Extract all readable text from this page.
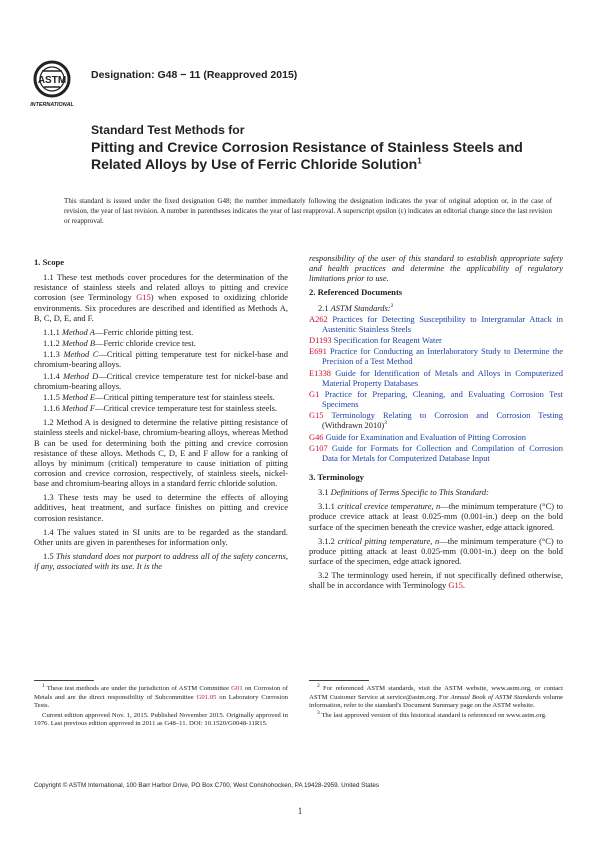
ASTM
INTERNATIONAL
Designation: G48 − 11 (Reapproved 2015)
Standard Test Methods for
Pitting and Crevice Corrosion Resistance of Stainless Steels and Related Alloys by Use of Ferric Chloride Solution$^1$
This standard is issued under the fixed designation G48; the number immediately following the designation indicates the year of original adoption or, in the case of revision, the year of last revision. A number in parentheses indicates the year of last reapproval. A superscript epsilon (ε) indicates an editorial change since the last revision or reapproval.
1. Scope

1.1 These test methods cover procedures for the determination of the resistance of stainless steels and related alloys to pitting and crevice corrosion (see Terminology G15) when exposed to oxidizing chloride environments. Six procedures are described and identified as Methods A, B, C, D, E, and F.

1.1.1 Method A—Ferric chloride pitting test.

1.1.2 Method B—Ferric chloride crevice test.

1.1.3 Method C—Critical pitting temperature test for nickel-base and chromium-bearing alloys.

1.1.4 Method D—Critical crevice temperature test for nickel-base and chromium-bearing alloys.

1.1.5 Method E—Critical pitting temperature test for stainless steels.

1.1.6 Method F—Critical crevice temperature test for stainless steels.

1.2 Method A is designed to determine the relative pitting resistance of stainless steels and nickel-base, chromium-bearing alloys, whereas Method B can be used for determining both the pitting and crevice corrosion resistance of these alloys. Methods C, D, E and F allow for a ranking of alloys by minimum (critical) temperature to cause initiation of pitting corrosion and crevice corrosion, respectively, of stainless steels, nickel-base and chromium-bearing alloys in a standard ferric chloride solution.

1.3 These tests may be used to determine the effects of alloying additives, heat treatment, and surface finishes on pitting and crevice corrosion resistance.

1.4 The values stated in SI units are to be regarded as the standard. Other units are given in parentheses for information only.

1.5 This standard does not purport to address all of the safety concerns, if any, associated with its use. It is the

responsibility of the user of this standard to establish appropriate safety and health practices and determine the applicability of regulatory limitations prior to use.

2. Referenced Documents

2.1 ASTM Standards:$^2$

A262 Practices for Detecting Susceptibility to Intergranular Attack in Austenitic Stainless Steels
D1193 Specification for Reagent Water
E691 Practice for Conducting an Interlaboratory Study to Determine the Precision of a Test Method
E1338 Guide for Identification of Metals and Alloys in Computerized Material Property Databases
G1 Practice for Preparing, Cleaning, and Evaluating Corrosion Test Specimens
G15 Terminology Relating to Corrosion and Corrosion Testing (Withdrawn 2010)$^3$
G46 Guide for Examination and Evaluation of Pitting Corrosion
G107 Guide for Formats for Collection and Compilation of Corrosion Data for Metals for Computerized Database Input
3. Terminology

3.1 Definitions of Terms Specific to This Standard:

3.1.1 critical crevice temperature, n—the minimum temperature (°C) to produce crevice attack at least 0.025-mm (0.001-in.) deep on the bold surface of the specimen beneath the crevice washer, edge attack ignored.

3.1.2 critical pitting temperature, n—the minimum temperature (°C) to produce pitting attack at least 0.025-mm (0.001-in.) deep on the bold surface of the specimen, edge attack ignored.

3.2 The terminology used herein, if not specifically defined otherwise, shall be in accordance with Terminology G15.

$^1$ These test methods are under the jurisdiction of ASTM Committee G01 on Corrosion of Metals and are the direct responsibility of Subcommittee G01.05 on Laboratory Corrosion Tests.

Current edition approved Nov. 1, 2015. Published November 2015. Originally approved in 1976. Last previous edition approved in 2011 as G48–11. DOI: 10.1520/G0048-11R15.

$^2$ For referenced ASTM standards, visit the ASTM website, www.astm.org, or contact ASTM Customer Service at service@astm.org. For Annual Book of ASTM Standards volume information, refer to the standard's Document Summary page on the ASTM website.

$^3$ The last approved version of this historical standard is referenced on www.astm.org.

Copyright © ASTM International, 100 Barr Harbor Drive, PO Box C700, West Conshohocken, PA 19428-2959. United States
1
